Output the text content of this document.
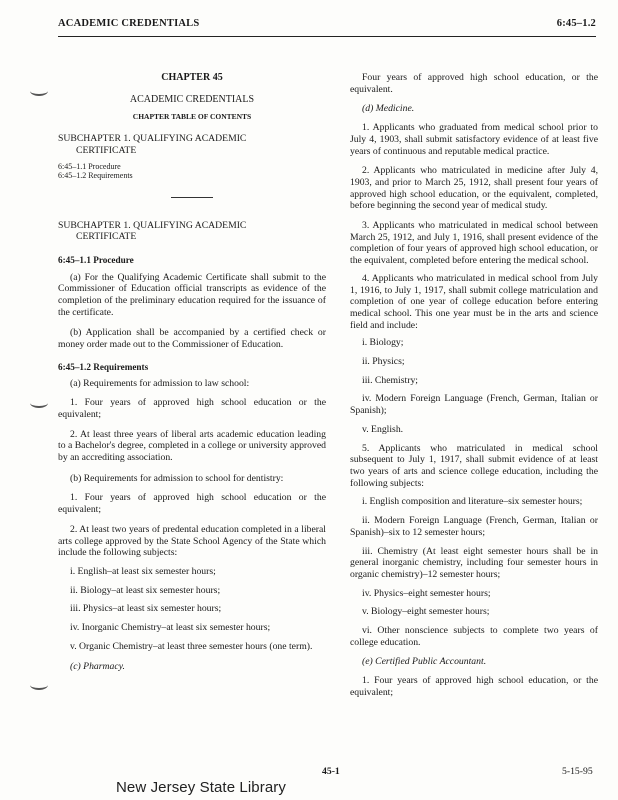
ACADEMIC CREDENTIALS	6:45–1.2

CHAPTER 45

ACADEMIC CREDENTIALS

CHAPTER TABLE OF CONTENTS

SUBCHAPTER 1. QUALIFYING ACADEMIC CERTIFICATE

6:45–1.1 Procedure

6:45–1.2 Requirements

SUBCHAPTER 1. QUALIFYING ACADEMIC CERTIFICATE

6:45–1.1 Procedure

(a) For the Qualifying Academic Certificate shall submit to the Commissioner of Education official transcripts as evidence of the completion of the preliminary education required for the issuance of the certificate.

(b) Application shall be accompanied by a certified check or money order made out to the Commissioner of Education.

6:45–1.2 Requirements

(a) Requirements for admission to law school:

1. Four years of approved high school education or the equivalent;

2. At least three years of liberal arts academic education leading to a Bachelor's degree, completed in a college or university approved by an accrediting association.

(b) Requirements for admission to school for dentistry:

1. Four years of approved high school education or the equivalent;

2. At least two years of predental education completed in a liberal arts college approved by the State School Agency of the State which include the following subjects:

i. English–at least six semester hours;

ii. Biology–at least six semester hours;

iii. Physics–at least six semester hours;

iv. Inorganic Chemistry–at least six semester hours;

v. Organic Chemistry–at least three semester hours (one term).

(c) Pharmacy.

Four years of approved high school education, or the equivalent.

(d) Medicine.

1. Applicants who graduated from medical school prior to July 4, 1903, shall submit satisfactory evidence of at least five years of continuous and reputable medical practice.

2. Applicants who matriculated in medicine after July 4, 1903, and prior to March 25, 1912, shall present four years of approved high school education, or the equivalent, completed, before beginning the second year of medical study.

3. Applicants who matriculated in medical school between March 25, 1912, and July 1, 1916, shall present evidence of the completion of four years of approved high school education, or the equivalent, completed before entering the medical school.

4. Applicants who matriculated in medical school from July 1, 1916, to July 1, 1917, shall submit college matriculation and completion of one year of college education before entering medical school. This one year must be in the arts and science field and include:

i. Biology;

ii. Physics;

iii. Chemistry;

iv. Modern Foreign Language (French, German, Italian or Spanish);

v. English.

5. Applicants who matriculated in medical school subsequent to July 1, 1917, shall submit evidence of at least two years of arts and science college education, including the following subjects:

i. English composition and literature–six semester hours;

ii. Modern Foreign Language (French, German, Italian or Spanish)–six to 12 semester hours;

iii. Chemistry (At least eight semester hours shall be in general inorganic chemistry, including four semester hours in organic chemistry)–12 semester hours;

iv. Physics–eight semester hours;

v. Biology–eight semester hours;

vi. Other nonscience subjects to complete two years of college education.

(e) Certified Public Accountant.

1. Four years of approved high school education, or the equivalent;

45-1	5-15-95
New Jersey State Library
